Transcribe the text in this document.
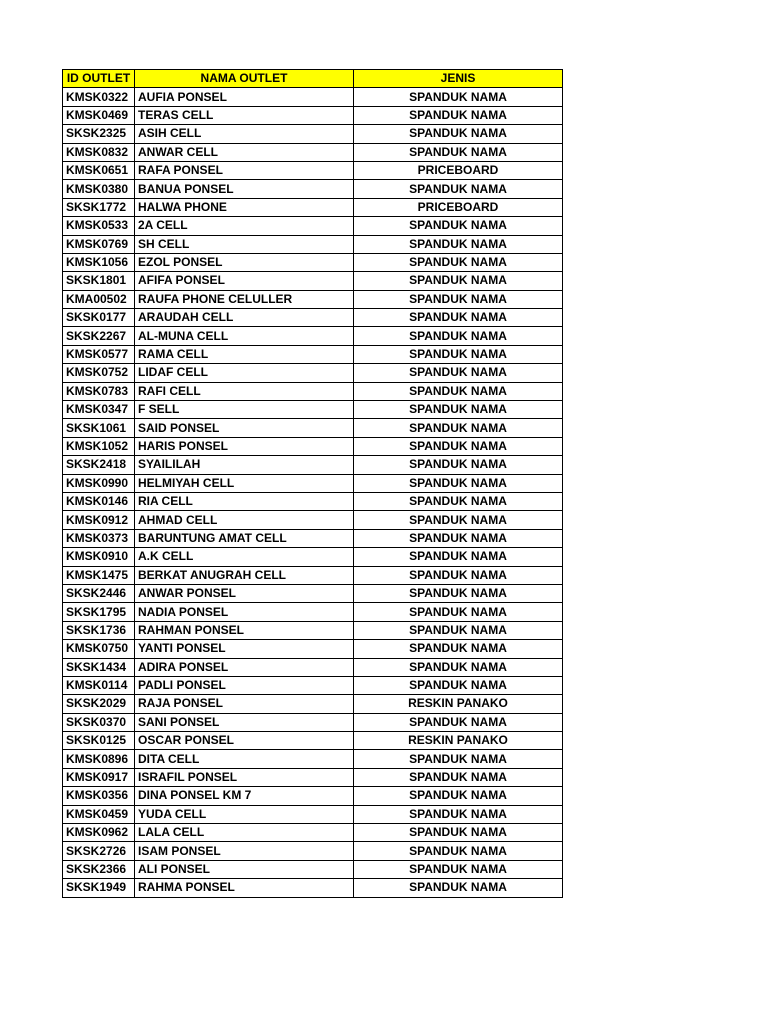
ID OUTLET	NAMA OUTLET	JENIS
KMSK0322	AUFIA PONSEL	SPANDUK NAMA
KMSK0469	TERAS CELL	SPANDUK NAMA
SKSK2325	ASIH CELL	SPANDUK NAMA
KMSK0832	ANWAR CELL	SPANDUK NAMA
KMSK0651	RAFA PONSEL	PRICEBOARD
KMSK0380	BANUA PONSEL	SPANDUK NAMA
SKSK1772	HALWA PHONE	PRICEBOARD
KMSK0533	2A CELL	SPANDUK NAMA
KMSK0769	SH CELL	SPANDUK NAMA
KMSK1056	EZOL PONSEL	SPANDUK NAMA
SKSK1801	AFIFA PONSEL	SPANDUK NAMA
KMA00502	RAUFA PHONE CELULLER	SPANDUK NAMA
SKSK0177	ARAUDAH CELL	SPANDUK NAMA
SKSK2267	AL-MUNA CELL	SPANDUK NAMA
KMSK0577	RAMA CELL	SPANDUK NAMA
KMSK0752	LIDAF CELL	SPANDUK NAMA
KMSK0783	RAFI CELL	SPANDUK NAMA
KMSK0347	F SELL	SPANDUK NAMA
SKSK1061	SAID PONSEL	SPANDUK NAMA
KMSK1052	HARIS PONSEL	SPANDUK NAMA
SKSK2418	SYAILILAH	SPANDUK NAMA
KMSK0990	HELMIYAH CELL	SPANDUK NAMA
KMSK0146	RIA CELL	SPANDUK NAMA
KMSK0912	AHMAD CELL	SPANDUK NAMA
KMSK0373	BARUNTUNG AMAT CELL	SPANDUK NAMA
KMSK0910	A.K CELL	SPANDUK NAMA
KMSK1475	BERKAT ANUGRAH CELL	SPANDUK NAMA
SKSK2446	ANWAR PONSEL	SPANDUK NAMA
SKSK1795	NADIA PONSEL	SPANDUK NAMA
SKSK1736	RAHMAN PONSEL	SPANDUK NAMA
KMSK0750	YANTI PONSEL	SPANDUK NAMA
SKSK1434	ADIRA PONSEL	SPANDUK NAMA
KMSK0114	PADLI PONSEL	SPANDUK NAMA
SKSK2029	RAJA PONSEL	RESKIN PANAKO
SKSK0370	SANI PONSEL	SPANDUK NAMA
SKSK0125	OSCAR PONSEL	RESKIN PANAKO
KMSK0896	DITA CELL	SPANDUK NAMA
KMSK0917	ISRAFIL PONSEL	SPANDUK NAMA
KMSK0356	DINA PONSEL KM 7	SPANDUK NAMA
KMSK0459	YUDA CELL	SPANDUK NAMA
KMSK0962	LALA CELL	SPANDUK NAMA
SKSK2726	ISAM PONSEL	SPANDUK NAMA
SKSK2366	ALI PONSEL	SPANDUK NAMA
SKSK1949	RAHMA PONSEL	SPANDUK NAMA
